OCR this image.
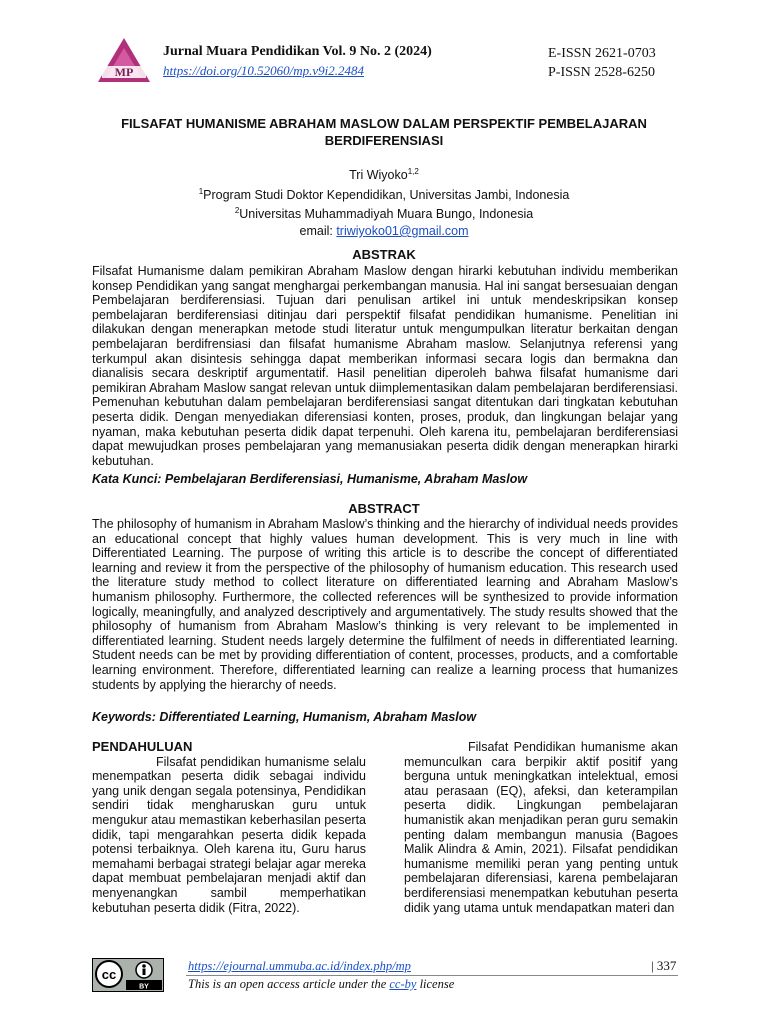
MP
Jurnal Muara Pendidikan Vol. 9 No. 2 (2024)
https://doi.org/10.52060/mp.v9i2.2484
E-ISSN 2621-0703
P-ISSN 2528-6250
FILSAFAT HUMANISME ABRAHAM MASLOW DALAM PERSPEKTIF PEMBELAJARAN
BERDIFERENSIASI
Tri Wiyoko$^{1,2}$
$^1$Program Studi Doktor Kependidikan, Universitas Jambi, Indonesia
$^2$Universitas Muhammadiyah Muara Bungo, Indonesia
email: triwiyoko01@gmail.com
ABSTRAK
Filsafat Humanisme dalam pemikiran Abraham Maslow dengan hirarki kebutuhan individu memberikan konsep Pendidikan yang sangat menghargai perkembangan manusia. Hal ini sangat bersesuaian dengan Pembelajaran berdiferensiasi. Tujuan dari penulisan artikel ini untuk mendeskripsikan konsep pembelajaran berdiferensiasi ditinjau dari perspektif filsafat pendidikan humanisme. Penelitian ini dilakukan dengan menerapkan metode studi literatur untuk mengumpulkan literatur berkaitan dengan pembelajaran berdifrensiasi dan filsafat humanisme Abraham maslow. Selanjutnya referensi yang terkumpul akan disintesis sehingga dapat memberikan informasi secara logis dan bermakna dan dianalisis secara deskriptif argumentatif. Hasil penelitian diperoleh bahwa filsafat humanisme dari pemikiran Abraham Maslow sangat relevan untuk diimplementasikan dalam pembelajaran berdiferensiasi. Pemenuhan kebutuhan dalam pembelajaran berdiferensiasi sangat ditentukan dari tingkatan kebutuhan peserta didik. Dengan menyediakan diferensiasi konten, proses, produk, dan lingkungan belajar yang nyaman, maka kebutuhan peserta didik dapat terpenuhi. Oleh karena itu, pembelajaran berdiferensiasi dapat mewujudkan proses pembelajaran yang memanusiakan peserta didik dengan menerapkan hirarki kebutuhan.
Kata Kunci: Pembelajaran Berdiferensiasi, Humanisme, Abraham Maslow
ABSTRACT
The philosophy of humanism in Abraham Maslow’s thinking and the hierarchy of individual needs provides an educational concept that highly values human development. This is very much in line with Differentiated Learning. The purpose of writing this article is to describe the concept of differentiated learning and review it from the perspective of the philosophy of humanism education. This research used the literature study method to collect literature on differentiated learning and Abraham Maslow’s humanism philosophy. Furthermore, the collected references will be synthesized to provide information logically, meaningfully, and analyzed descriptively and argumentatively. The study results showed that the philosophy of humanism from Abraham Maslow’s thinking is very relevant to be implemented in differentiated learning. Student needs largely determine the fulfilment of needs in differentiated learning. Student needs can be met by providing differentiation of content, processes, products, and a comfortable learning environment. Therefore, differentiated learning can realize a learning process that humanizes students by applying the hierarchy of needs.
Keywords: Differentiated Learning, Humanism, Abraham Maslow
PENDAHULUAN

Filsafat pendidikan humanisme selalu menempatkan peserta didik sebagai individu yang unik dengan segala potensinya, Pendidikan sendiri tidak mengharuskan guru untuk mengukur atau memastikan keberhasilan peserta didik, tapi mengarahkan peserta didik kepada potensi terbaiknya. Oleh karena itu, Guru harus memahami berbagai strategi belajar agar mereka dapat membuat pembelajaran menjadi aktif dan menyenangkan sambil memperhatikan kebutuhan peserta didik (Fitra, 2022).

Filsafat Pendidikan humanisme akan memunculkan cara berpikir aktif positif yang berguna untuk meningkatkan intelektual, emosi atau perasaan (EQ), afeksi, dan keterampilan peserta didik. Lingkungan pembelajaran humanistik akan menjadikan peran guru semakin penting dalam membangun manusia (Bagoes Malik Alindra & Amin, 2021). Filsafat pendidikan humanisme memiliki peran yang penting untuk pembelajaran diferensiasi, karena pembelajaran berdiferensiasi menempatkan kebutuhan peserta didik yang utama untuk mendapatkan materi dan

cc
BY
https://ejournal.ummuba.ac.id/index.php/mp
This is an open access article under the cc-by license
| 337
